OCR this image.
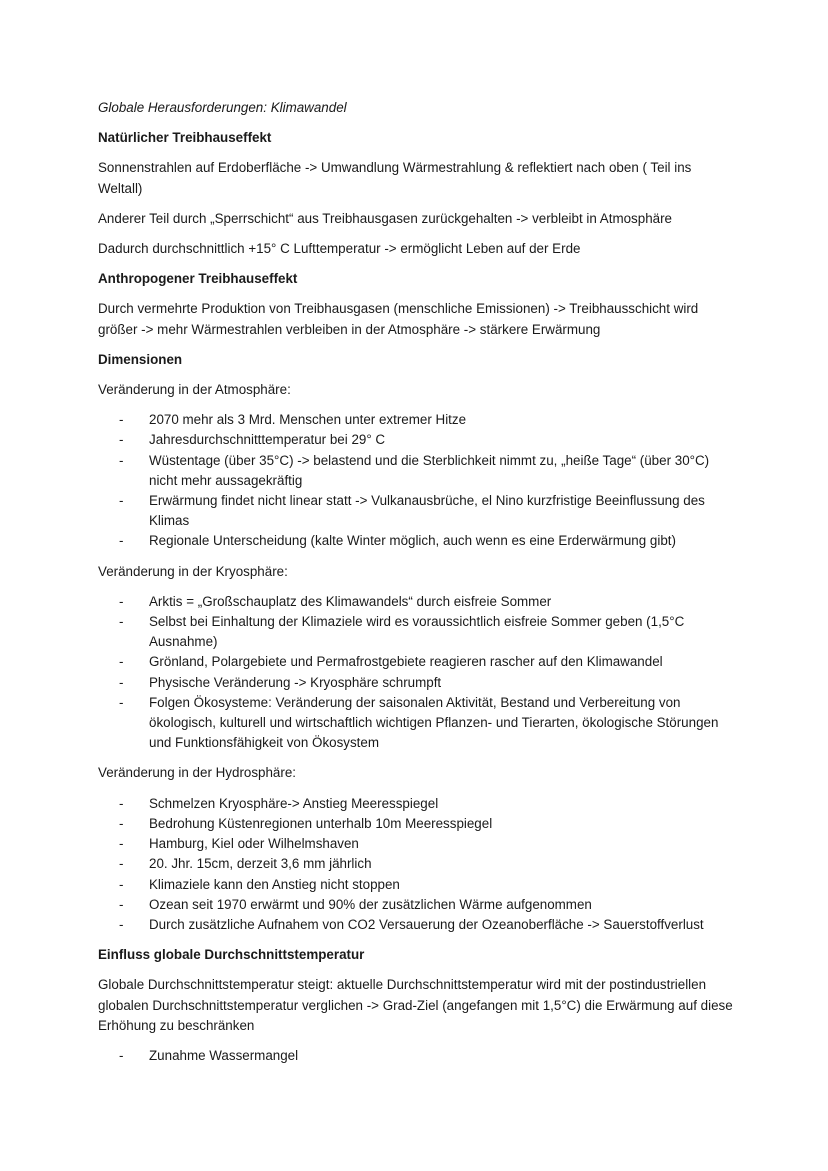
Globale Herausforderungen: Klimawandel

Natürlicher Treibhauseffekt

Sonnenstrahlen auf Erdoberfläche -> Umwandlung Wärmestrahlung & reflektiert nach oben ( Teil ins Weltall)

Anderer Teil durch „Sperrschicht“ aus Treibhausgasen zurückgehalten -> verbleibt in Atmosphäre

Dadurch durchschnittlich +15° C Lufttemperatur -> ermöglicht Leben auf der Erde

Anthropogener Treibhauseffekt

Durch vermehrte Produktion von Treibhausgasen (menschliche Emissionen) -> Treibhausschicht wird größer -> mehr Wärmestrahlen verbleiben in der Atmosphäre -> stärkere Erwärmung

Dimensionen

Veränderung in der Atmosphäre:

- 2070 mehr als 3 Mrd. Menschen unter extremer Hitze
- Jahresdurchschnitttemperatur bei 29° C
- Wüstentage (über 35°C) -> belastend und die Sterblichkeit nimmt zu, „heiße Tage“ (über 30°C) nicht mehr aussagekräftig
- Erwärmung findet nicht linear statt -> Vulkanausbrüche, el Nino kurzfristige Beeinflussung des Klimas
- Regionale Unterscheidung (kalte Winter möglich, auch wenn es eine Erderwärmung gibt)

Veränderung in der Kryosphäre:

- Arktis = „Großschauplatz des Klimawandels“ durch eisfreie Sommer
- Selbst bei Einhaltung der Klimaziele wird es voraussichtlich eisfreie Sommer geben (1,5°C Ausnahme)
- Grönland, Polargebiete und Permafrostgebiete reagieren rascher auf den Klimawandel
- Physische Veränderung -> Kryosphäre schrumpft
- Folgen Ökosysteme: Veränderung der saisonalen Aktivität, Bestand und Verbereitung von ökologisch, kulturell und wirtschaftlich wichtigen Pflanzen- und Tierarten, ökologische Störungen und Funktionsfähigkeit von Ökosystem

Veränderung in der Hydrosphäre:

- Schmelzen Kryosphäre-> Anstieg Meeresspiegel
- Bedrohung Küstenregionen unterhalb 10m Meeresspiegel
- Hamburg, Kiel oder Wilhelmshaven
- 20. Jhr. 15cm, derzeit 3,6 mm jährlich
- Klimaziele kann den Anstieg nicht stoppen
- Ozean seit 1970 erwärmt und 90% der zusätzlichen Wärme aufgenommen
- Durch zusätzliche Aufnahem von CO2 Versauerung der Ozeanoberfläche -> Sauerstoffverlust

Einfluss globale Durchschnittstemperatur

Globale Durchschnittstemperatur steigt: aktuelle Durchschnittstemperatur wird mit der postindustriellen globalen Durchschnittstemperatur verglichen -> Grad-Ziel (angefangen mit 1,5°C) die Erwärmung auf diese Erhöhung zu beschränken

- Zunahme Wassermangel
